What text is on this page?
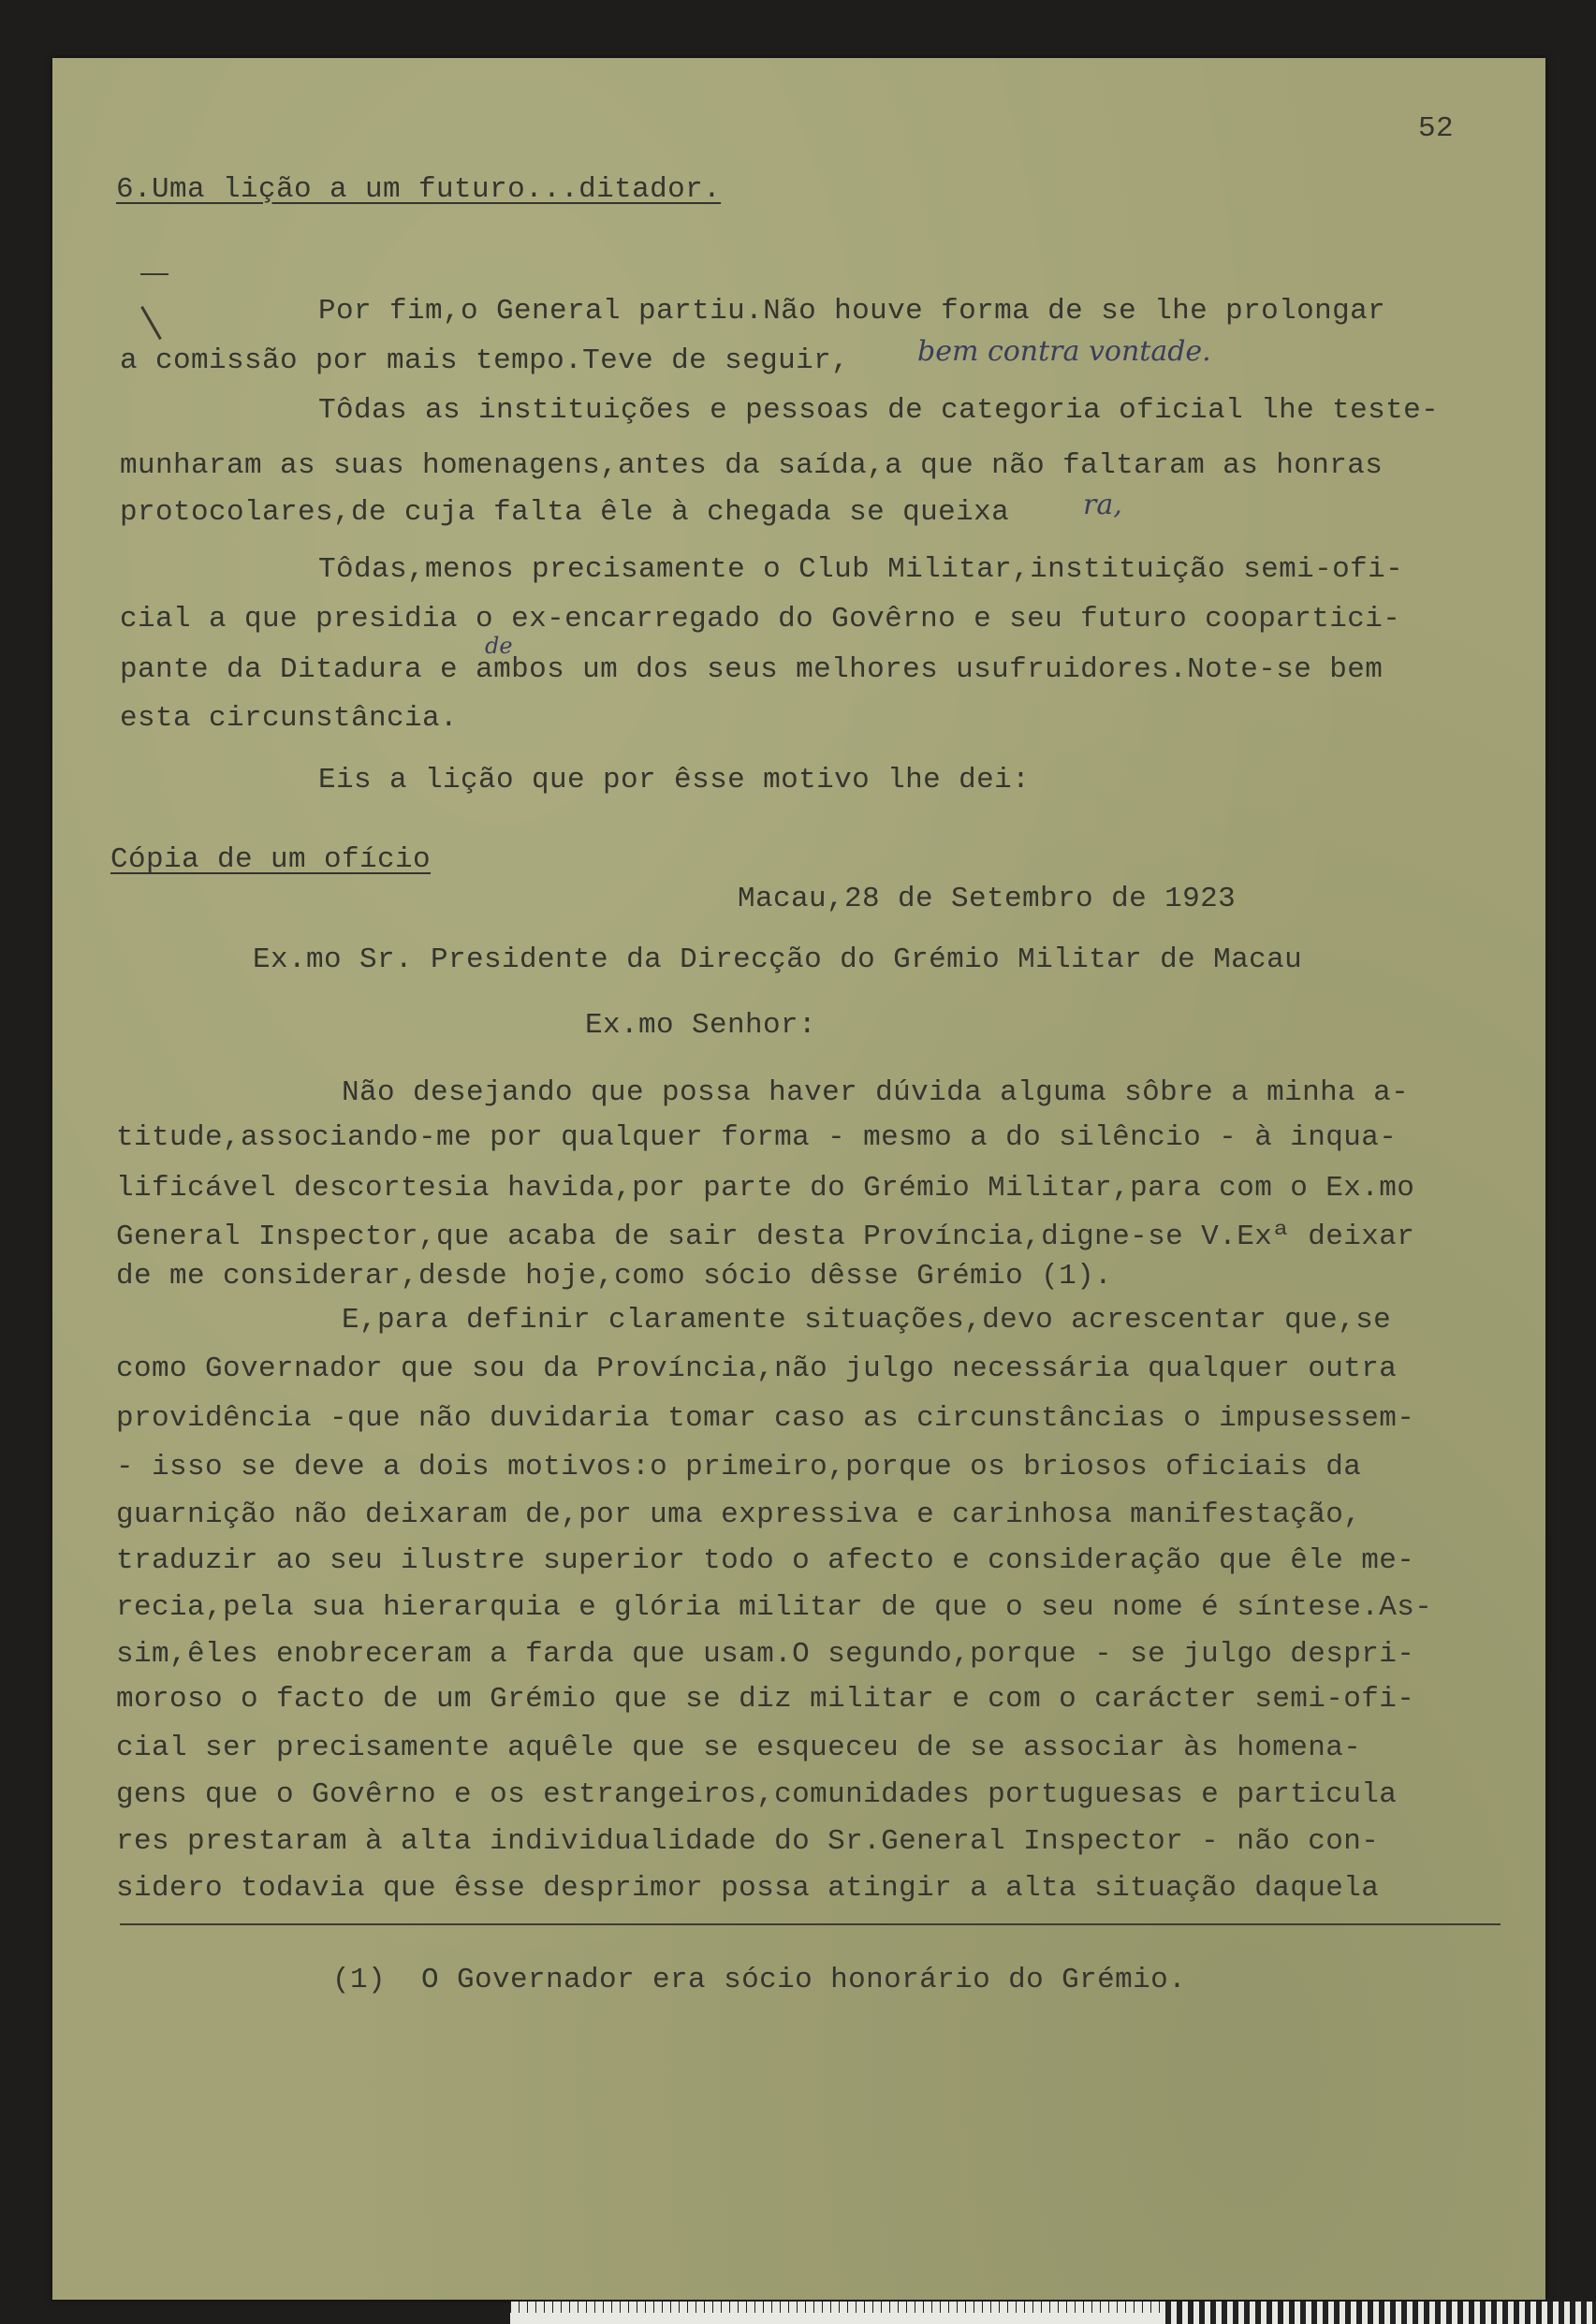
52

6.Uma lição a um futuro...ditador.

Por fim,o General partiu.Não houve forma de se lhe prolongar

a comissão por mais tempo.Teve de seguir, bem contra vontade.

Tôdas as instituições e pessoas de categoria oficial lhe teste-

munharam as suas homenagens,antes da saída,a que não faltaram as honras

protocolares,de cuja falta êle à chegada se queixa	ra,

Tôdas,menos precisamente o Club Militar,instituição semi-ofi-

cial a que presidia o ex-encarregado do Govêrno e seu futuro coopartici-

de

pante da Ditadura e ambos um dos seus melhores usufruidores.Note-se bem

esta circunstância.

Eis a lição que por êsse motivo lhe dei:

Cópia de um ofício

Macau,28 de Setembro de 1923

Ex.mo Sr. Presidente da Direcção do Grémio Militar de Macau

Ex.mo Senhor:

Não desejando que possa haver dúvida alguma sôbre a minha a-

titude,associando-me por qualquer forma - mesmo a do silêncio - à inqua-

lificável descortesia havida,por parte do Grémio Militar,para com o Ex.mo

General Inspector,que acaba de sair desta Província,digne-se V.Exª deixar

de me considerar,desde hoje,como sócio dêsse Grémio (1).

E,para definir claramente situações,devo acrescentar que,se

como Governador que sou da Província,não julgo necessária qualquer outra

providência -que não duvidaria tomar caso as circunstâncias o impusessem-

- isso se deve a dois motivos:o primeiro,porque os briosos oficiais da

guarnição não deixaram de,por uma expressiva e carinhosa manifestação,

traduzir ao seu ilustre superior todo o afecto e consideração que êle me-

recia,pela sua hierarquia e glória militar de que o seu nome é síntese.As-

sim,êles enobreceram a farda que usam.O segundo,porque - se julgo despri-

moroso o facto de um Grémio que se diz militar e com o carácter semi-ofi-

cial ser precisamente aquêle que se esqueceu de se associar às homena-

gens que o Govêrno e os estrangeiros,comunidades portuguesas e particula

res prestaram à alta individualidade do Sr.General Inspector - não con-

sidero todavia que êsse desprimor possa atingir a alta situação daquela

(1)  O Governador era sócio honorário do Grémio.
